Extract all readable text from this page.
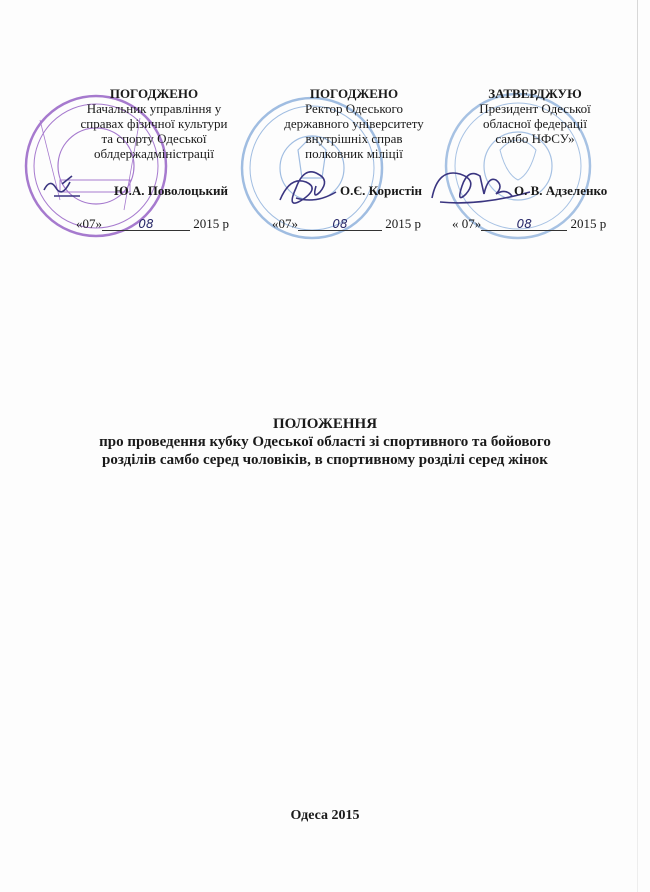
ПОГОДЖЕНО
Начальник управління у
справах фізичної культури
та спорту Одеської
облдержадміністрації
Ю.А. Поволоцький
«07»	08	2015 р
ПОГОДЖЕНО
Ректор Одеського
державного університету
внутрішніх справ
полковник міліції
О.Є. Користін
«07»	08	2015 р
ЗАТВЕРДЖУЮ
Президент Одеської
обласної федерації
самбо НФСУ»
О. В. Адзеленко
« 07»	08	2015 р
ПОЛОЖЕННЯ
про проведення кубку Одеської області зі спортивного та бойового
розділів самбо серед чоловіків, в спортивному розділі серед жінок
Одеса 2015
